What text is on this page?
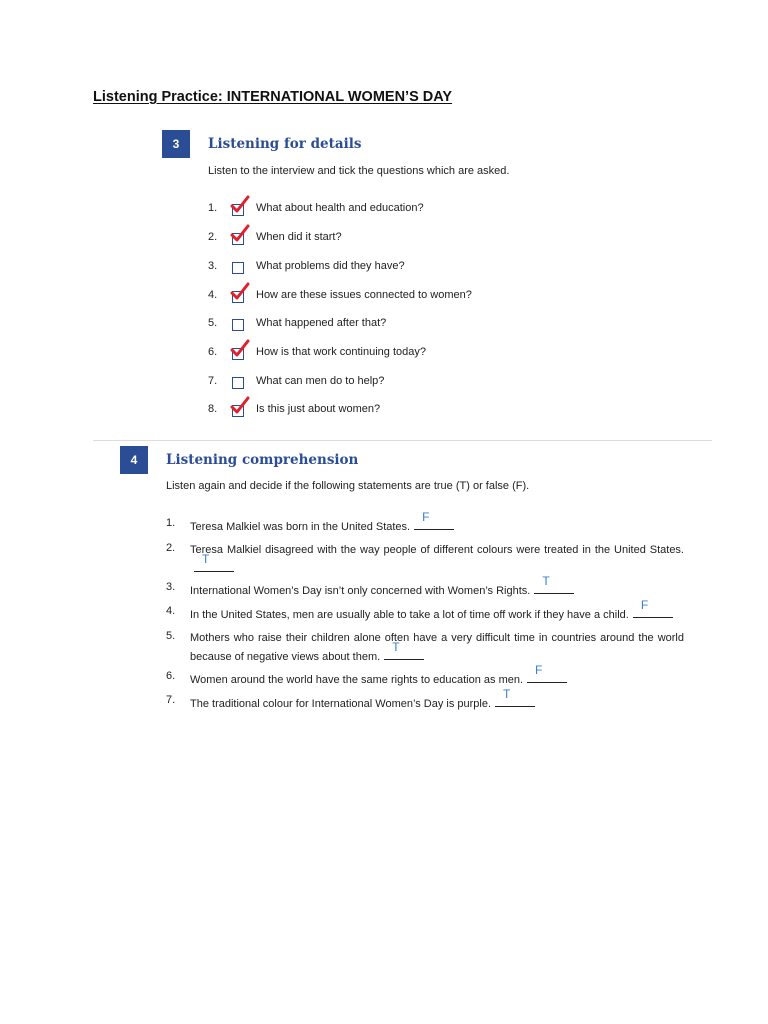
Listening Practice: INTERNATIONAL WOMEN’S DAY
3	Listening for details
Listen to the interview and tick the questions which are asked.
1.	What about health and education?
2.	When did it start?
3.	What problems did they have?
4.	How are these issues connected to women?
5.	What happened after that?
6.	How is that work continuing today?
7.	What can men do to help?
8.	Is this just about women?
4	Listening comprehension
Listen again and decide if the following statements are true (T) or false (F).
1. Teresa Malkiel was born in the United States.
F
2. Teresa Malkiel disagreed with the way people of different colours were treated in the United States.
T
3. International Women’s Day isn’t only concerned with Women’s Rights.
T
4. In the United States, men are usually able to take a lot of time off work if they have a child.
F
5. Mothers who raise their children alone often have a very difficult time in countries around the world because of negative views about them.
T
6. Women around the world have the same rights to education as men.
F
7. The traditional colour for International Women’s Day is purple.
T
